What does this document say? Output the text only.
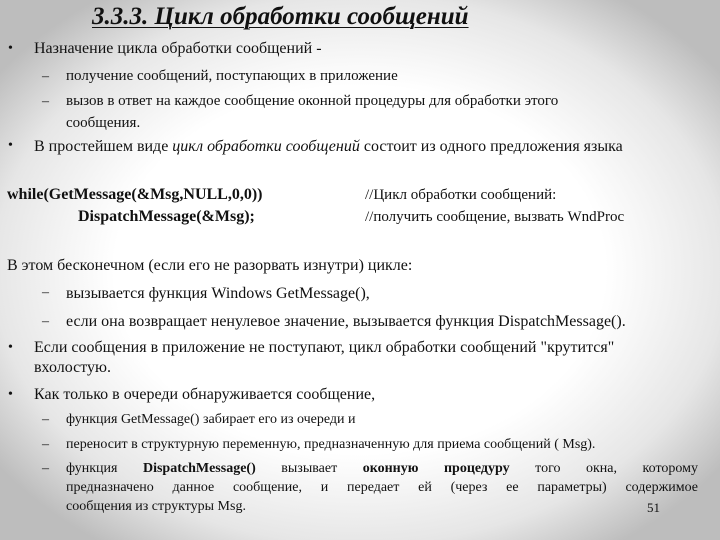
3.3.3. Цикл обработки сообщений
• Назначение цикла обработки сообщений -
– получение сообщений, поступающих в приложение
– вызов в ответ на каждое сообщение оконной процедуры для обработки этого
сообщения.
• В простейшем виде цикл обработки сообщений состоит из одного предложения языка
while(GetMessage(&Msg,NULL,0,0))
DispatchMessage(&Msg);
//Цикл обработки сообщений:
//получить сообщение, вызвать WndProc
В этом бесконечном (если его не разорвать изнутри) цикле:
– вызывается функция Windows GetMessage(),
– если она возвращает ненулевое значение, вызывается функция DispatchMessage().
• Если сообщения в приложение не поступают, цикл обработки сообщений "крутится"
вхолостую.
• Как только в очереди обнаруживается сообщение,
– функция GetMessage() забирает его из очереди и
– переносит в структурную переменную, предназначенную для приема сообщений ( Msg).
– функция DispatchMessage() вызывает оконную процедуру того окна, которому
предназначено данное сообщение, и передает ей (через ее параметры) содержимое
сообщения из структуры Msg.	51
